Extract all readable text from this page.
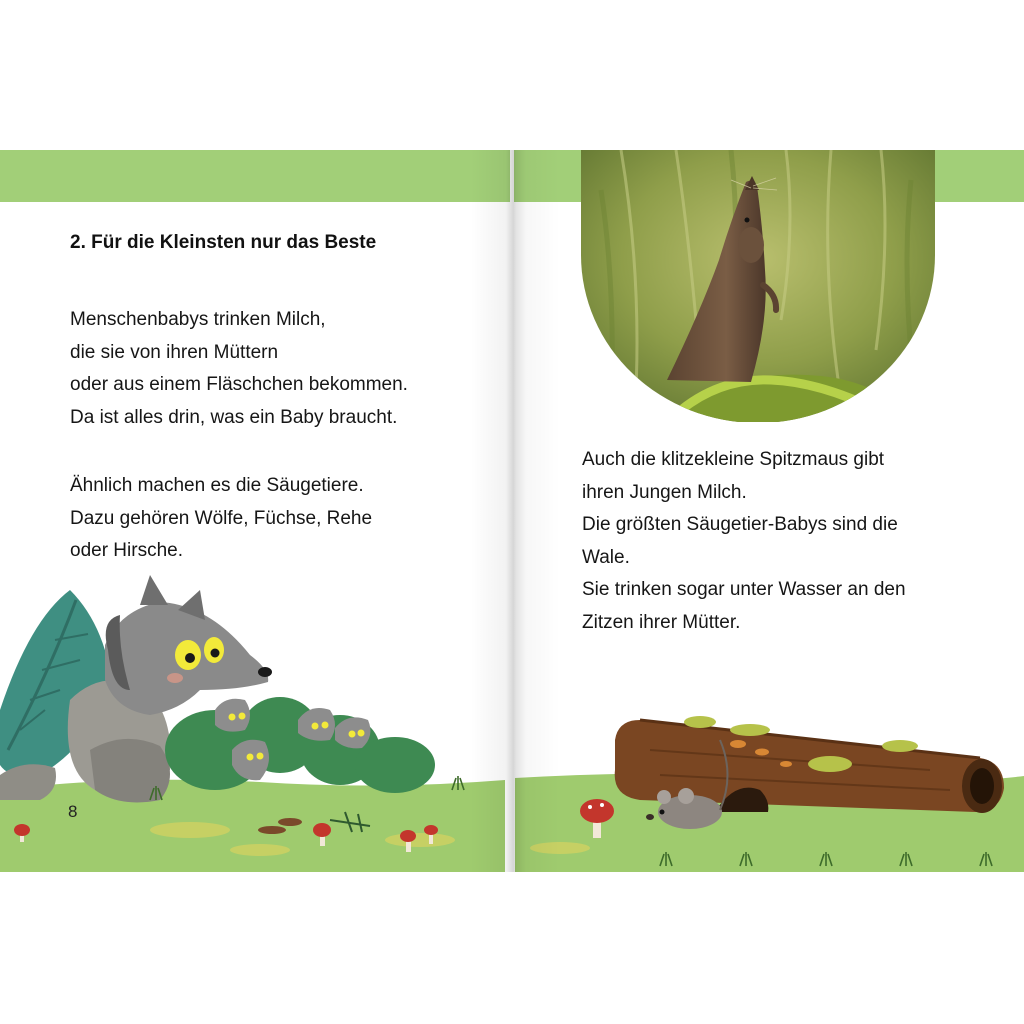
2. Für die Kleinsten nur das Beste

Menschenbabys trinken Milch,
die sie von ihren Müttern
oder aus einem Fläschchen bekommen.
Da ist alles drin, was ein Baby braucht.

Ähnlich machen es die Säugetiere.
Dazu gehören Wölfe, Füchse, Rehe
oder Hirsche.

Auch die klitzekleine Spitzmaus gibt
ihren Jungen Milch.
Die größten Säugetier-Babys sind die
Wale.
Sie trinken sogar unter Wasser an den
Zitzen ihrer Mütter.

8
